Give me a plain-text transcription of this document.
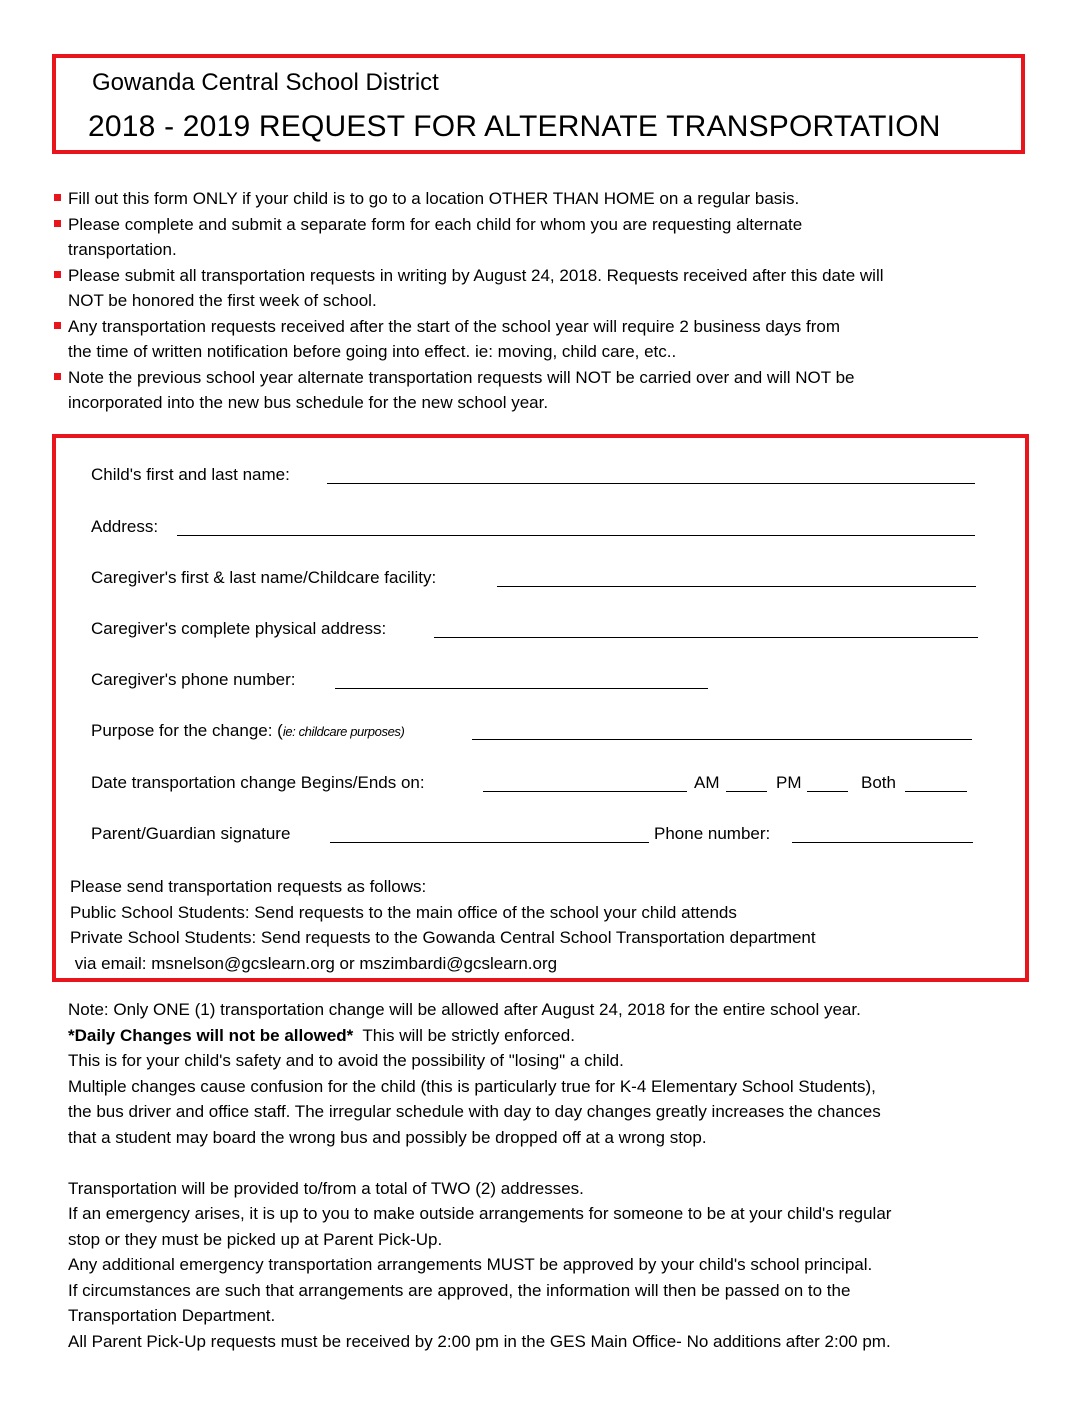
Gowanda Central School District
2018 - 2019 REQUEST FOR ALTERNATE TRANSPORTATION
Fill out this form ONLY if your child is to go to a location OTHER THAN HOME on a regular basis.
Please complete and submit a separate form for each child for whom you are requesting alternate
transportation.
Please submit all transportation requests in writing by August 24, 2018. Requests received after this date will
NOT be honored the first week of school.
Any transportation requests received after the start of the school year will require 2 business days from
the time of written notification before going into effect. ie: moving, child care, etc..
Note the previous school year alternate transportation requests will NOT be carried over and will NOT be
incorporated into the new bus schedule for the new school year.
Child's first and last name:
Address:
Caregiver's first & last name/Childcare facility:
Caregiver's complete physical address:
Caregiver's phone number:
Purpose for the change: (ie: childcare purposes)
Date transportation change Begins/Ends on:	AM	PM	Both
Parent/Guardian signature	Phone number:
Please send transportation requests as follows:
Public School Students: Send requests to the main office of the school your child attends
Private School Students: Send requests to the Gowanda Central School Transportation department
via email: msnelson@gcslearn.org or mszimbardi@gcslearn.org

Note: Only ONE (1) transportation change will be allowed after August 24, 2018 for the entire school year.

*Daily Changes will not be allowed*  This will be strictly enforced.

This is for your child's safety and to avoid the possibility of "losing" a child.

Multiple changes cause confusion for the child (this is particularly true for K-4 Elementary School Students),

the bus driver and office staff. The irregular schedule with day to day changes greatly increases the chances

that a student may board the wrong bus and possibly be dropped off at a wrong stop.

Transportation will be provided to/from a total of TWO (2) addresses.

If an emergency arises, it is up to you to make outside arrangements for someone to be at your child's regular

stop or they must be picked up at Parent Pick-Up.

Any additional emergency transportation arrangements MUST be approved by your child's school principal.

If circumstances are such that arrangements are approved, the information will then be passed on to the

Transportation Department.

All Parent Pick-Up requests must be received by 2:00 pm in the GES Main Office- No additions after 2:00 pm.
